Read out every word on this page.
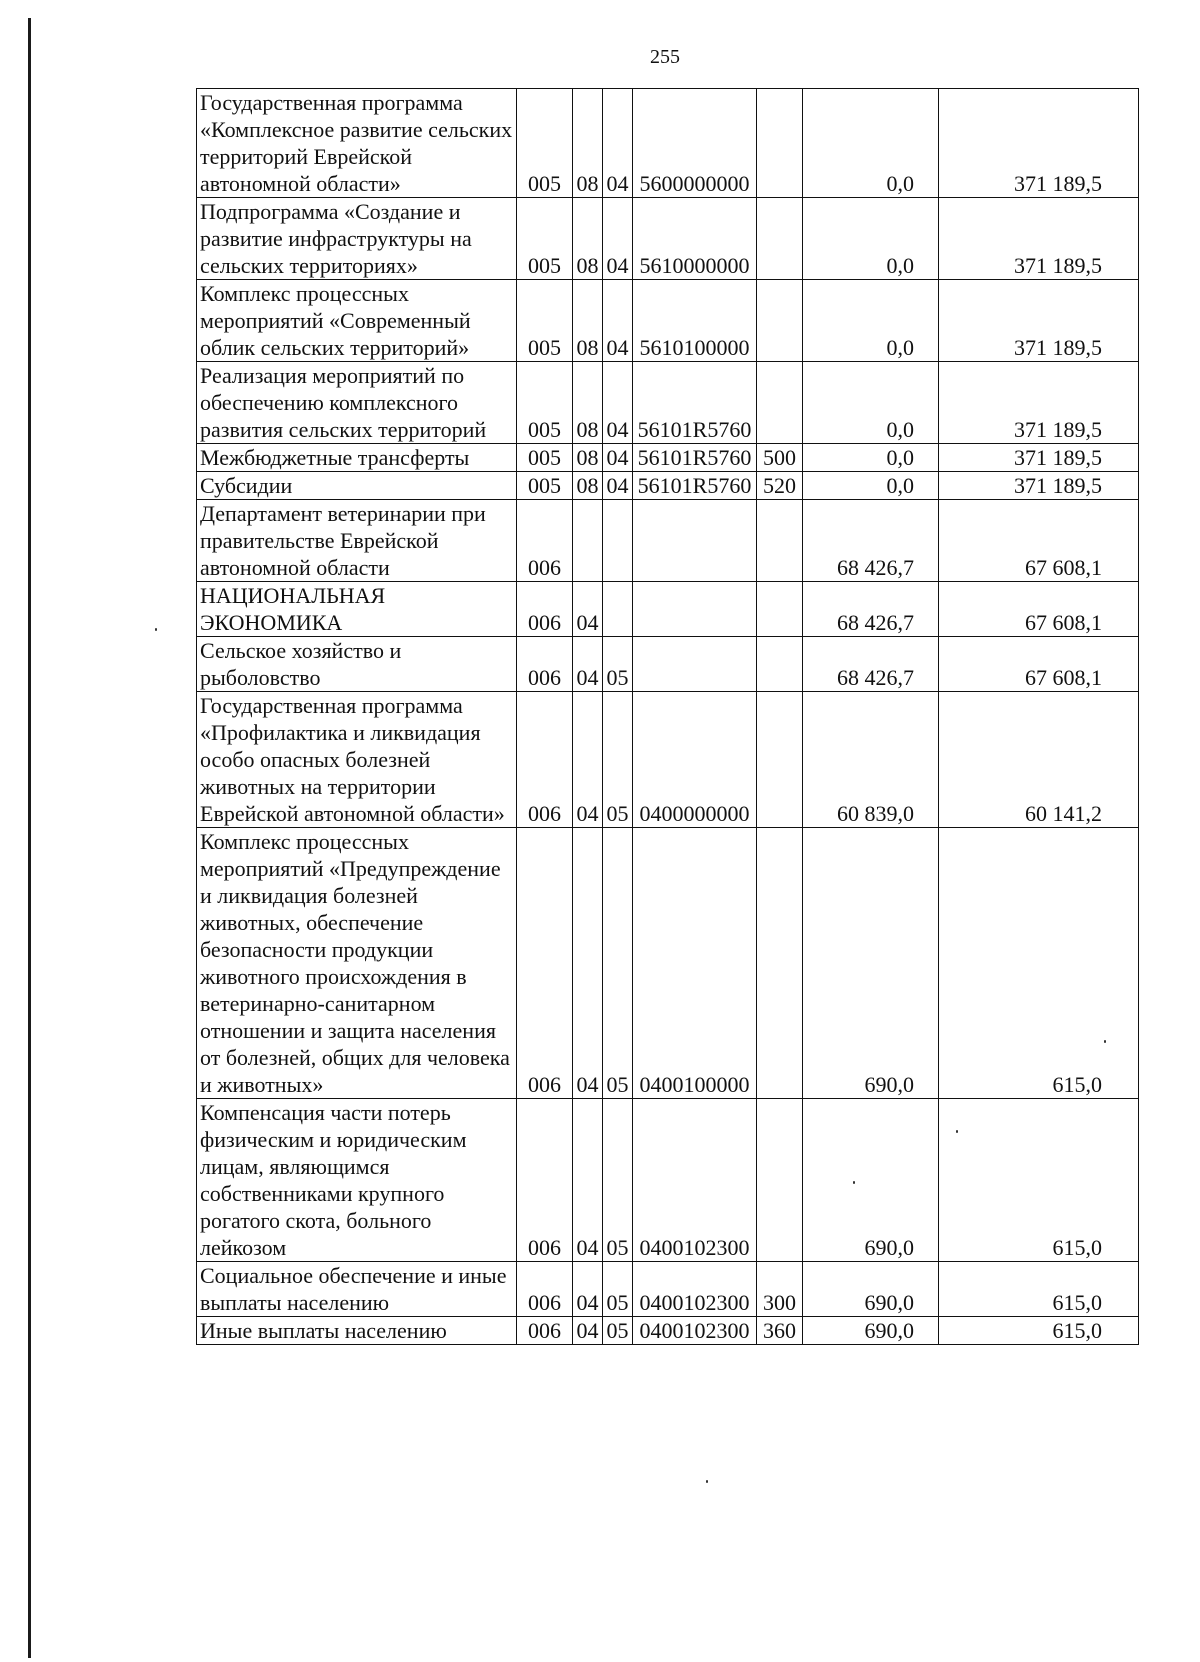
255
Государственная программа «Комплексное развитие сельских территорий Еврейской автономной области»	005	08	04	5600000000		0,0	371 189,5
Подпрограмма «Создание и развитие инфраструктуры на сельских территориях»	005	08	04	5610000000		0,0	371 189,5
Комплекс процессных мероприятий «Современный облик сельских территорий»	005	08	04	5610100000		0,0	371 189,5
Реализация мероприятий по обеспечению комплексного развития сельских территорий	005	08	04	56101R5760		0,0	371 189,5
Межбюджетные трансферты	005	08	04	56101R5760	500	0,0	371 189,5
Субсидии	005	08	04	56101R5760	520	0,0	371 189,5
Департамент ветеринарии при правительстве Еврейской автономной области	006					68 426,7	67 608,1
НАЦИОНАЛЬНАЯ ЭКОНОМИКА	006	04				68 426,7	67 608,1
Сельское хозяйство и рыболовство	006	04	05			68 426,7	67 608,1
Государственная программа «Профилактика и ликвидация особо опасных болезней животных на территории Еврейской автономной области»	006	04	05	0400000000		60 839,0	60 141,2
Комплекс процессных мероприятий «Предупреждение и ликвидация болезней животных, обеспечение безопасности продукции животного происхождения в ветеринарно-санитарном отношении и защита населения от болезней, общих для человека и животных»	006	04	05	0400100000		690,0	615,0
Компенсация части потерь физическим и юридическим лицам, являющимся собственниками крупного рогатого скота, больного лейкозом	006	04	05	0400102300		690,0	615,0
Социальное обеспечение и иные выплаты населению	006	04	05	0400102300	300	690,0	615,0
Иные выплаты населению	006	04	05	0400102300	360	690,0	615,0
